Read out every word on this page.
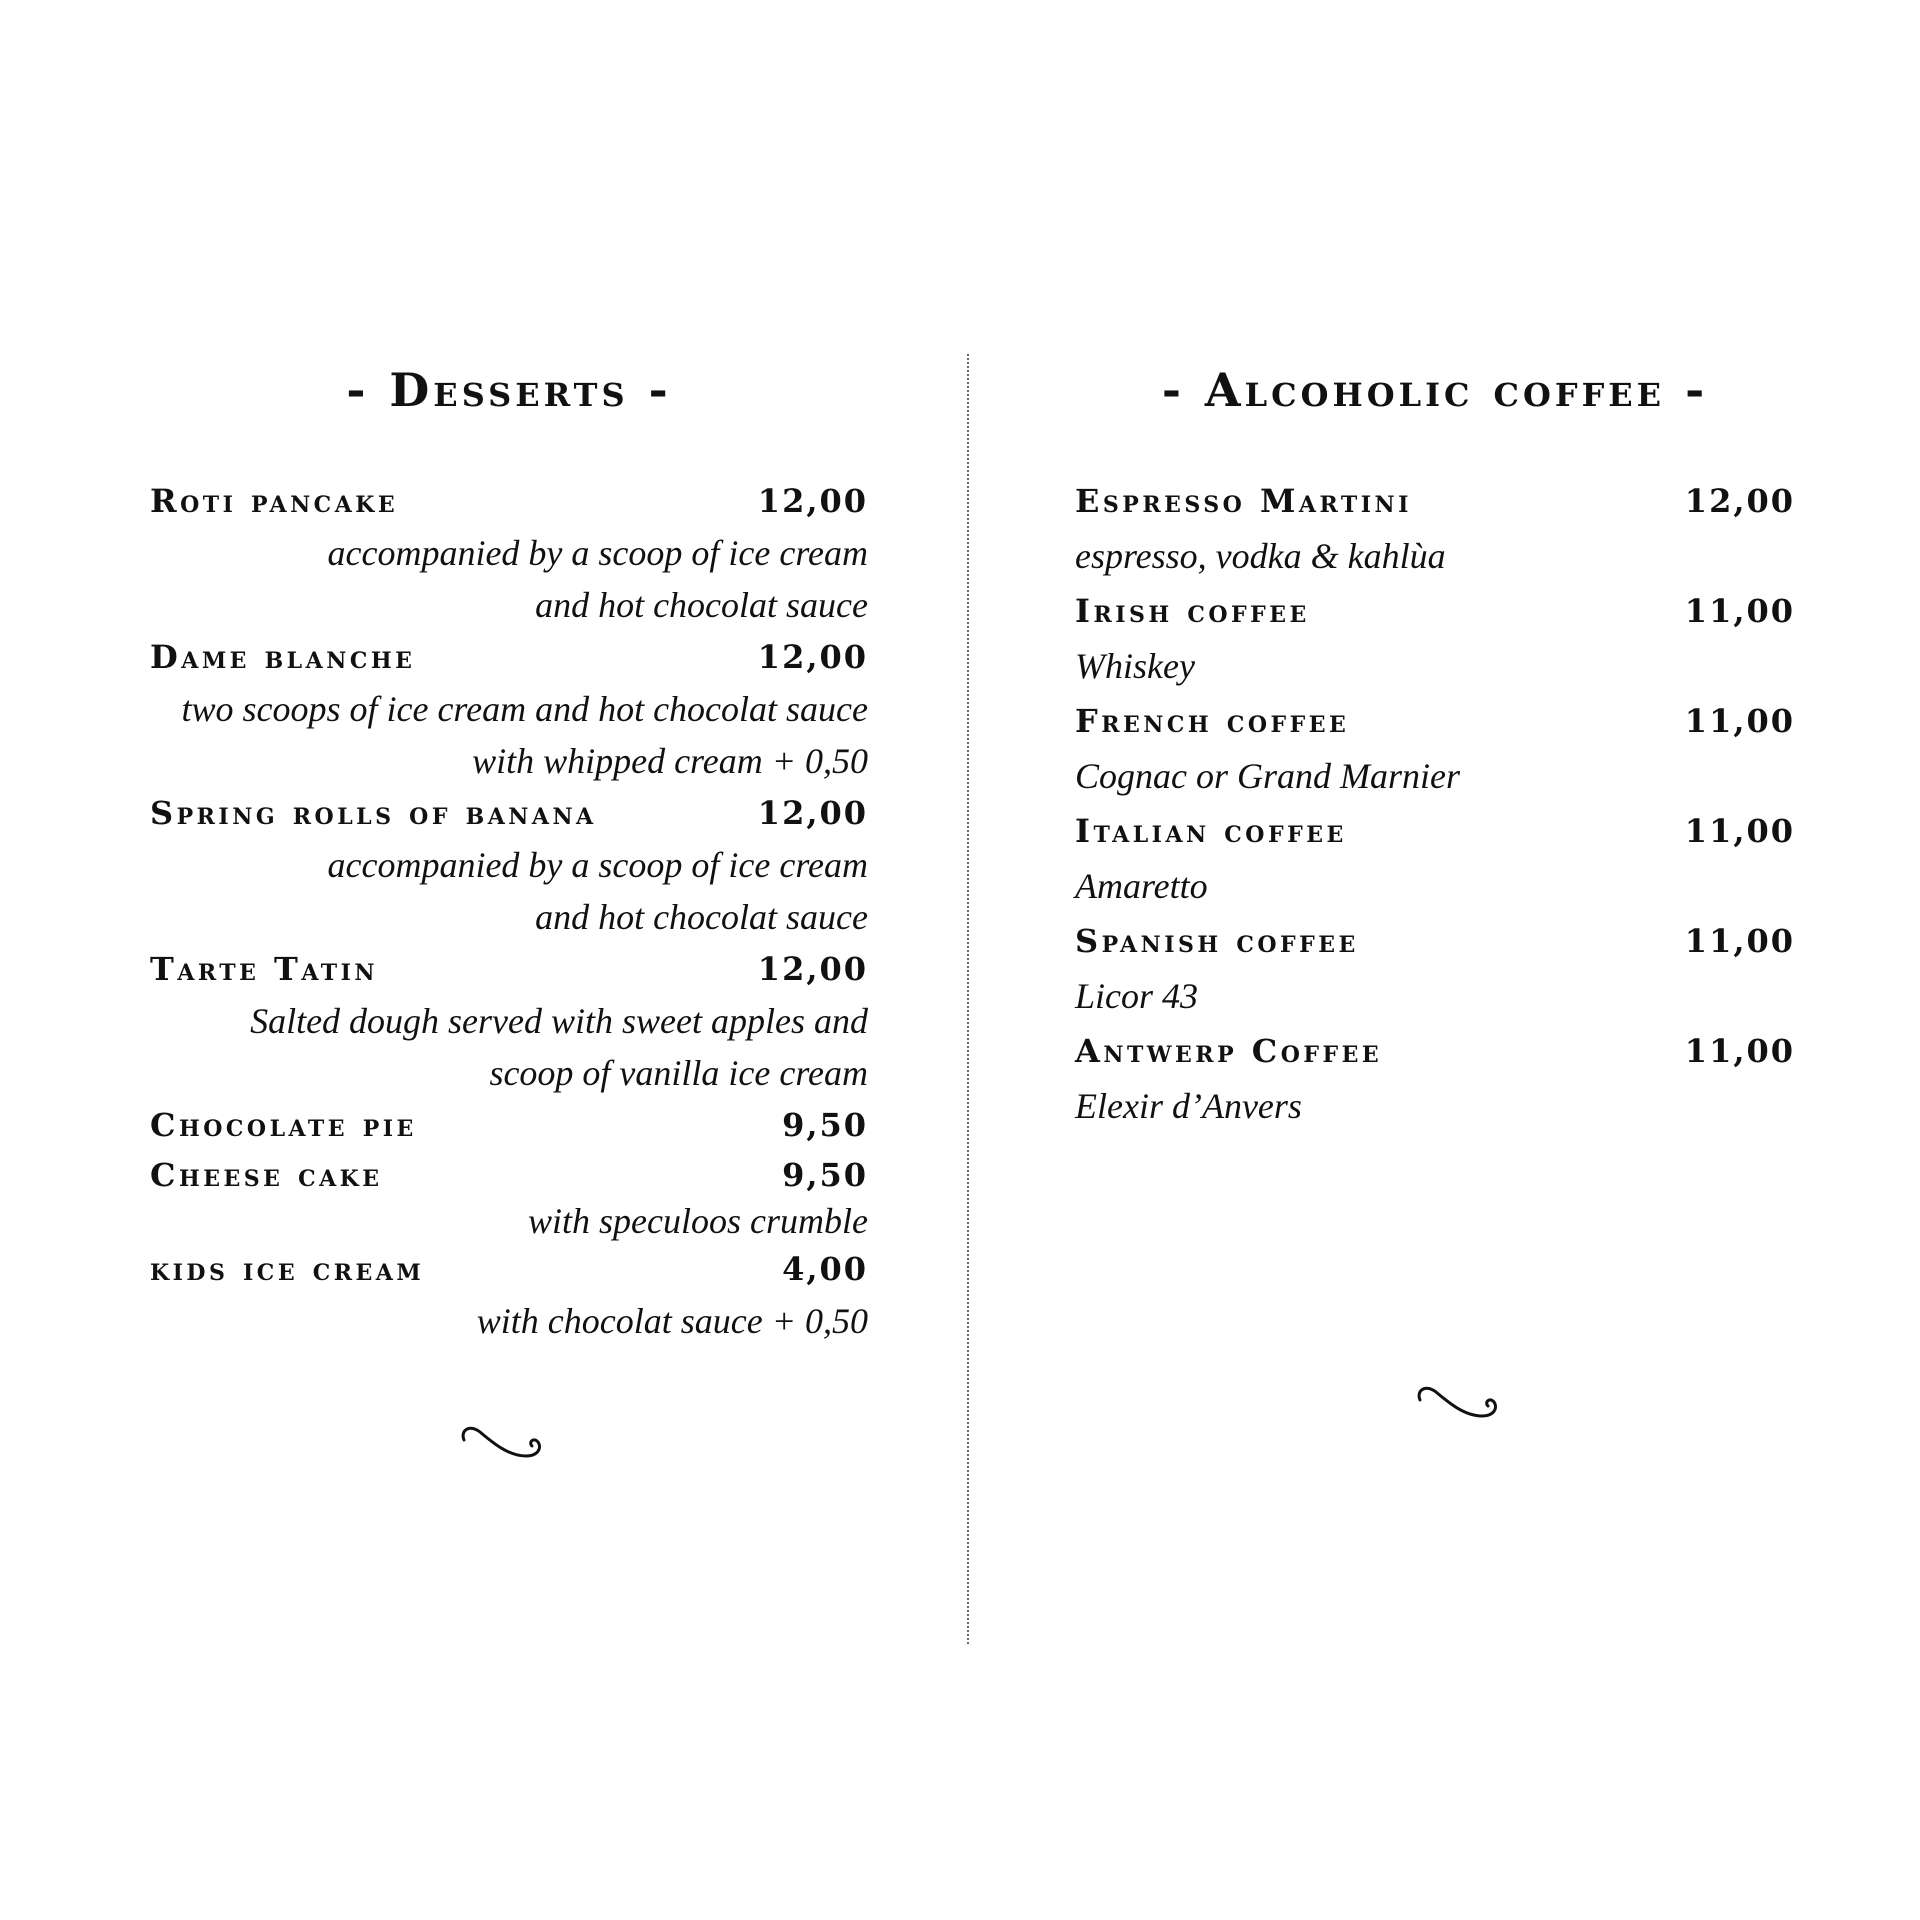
- Desserts -
Roti pancake	12,00
accompanied by a scoop of ice cream
and hot chocolat sauce
Dame blanche	12,00
two scoops of ice cream and hot chocolat sauce
with whipped cream + 0,50
Spring rolls of banana	12,00
accompanied by a scoop of ice cream
and hot chocolat sauce
Tarte Tatin	12,00
Salted dough served with sweet apples and
scoop of vanilla ice cream
Chocolate pie	9,50
Cheese cake	9,50
with speculoos crumble
kids ice cream	4,00
with chocolat sauce + 0,50
- Alcoholic coffee -
Espresso Martini	12,00
espresso, vodka & kahlùa
Irish coffee	11,00
Whiskey
French coffee	11,00
Cognac or Grand Marnier
Italian coffee	11,00
Amaretto
Spanish coffee	11,00
Licor 43
Antwerp Coffee	11,00
Elexir d’Anvers
